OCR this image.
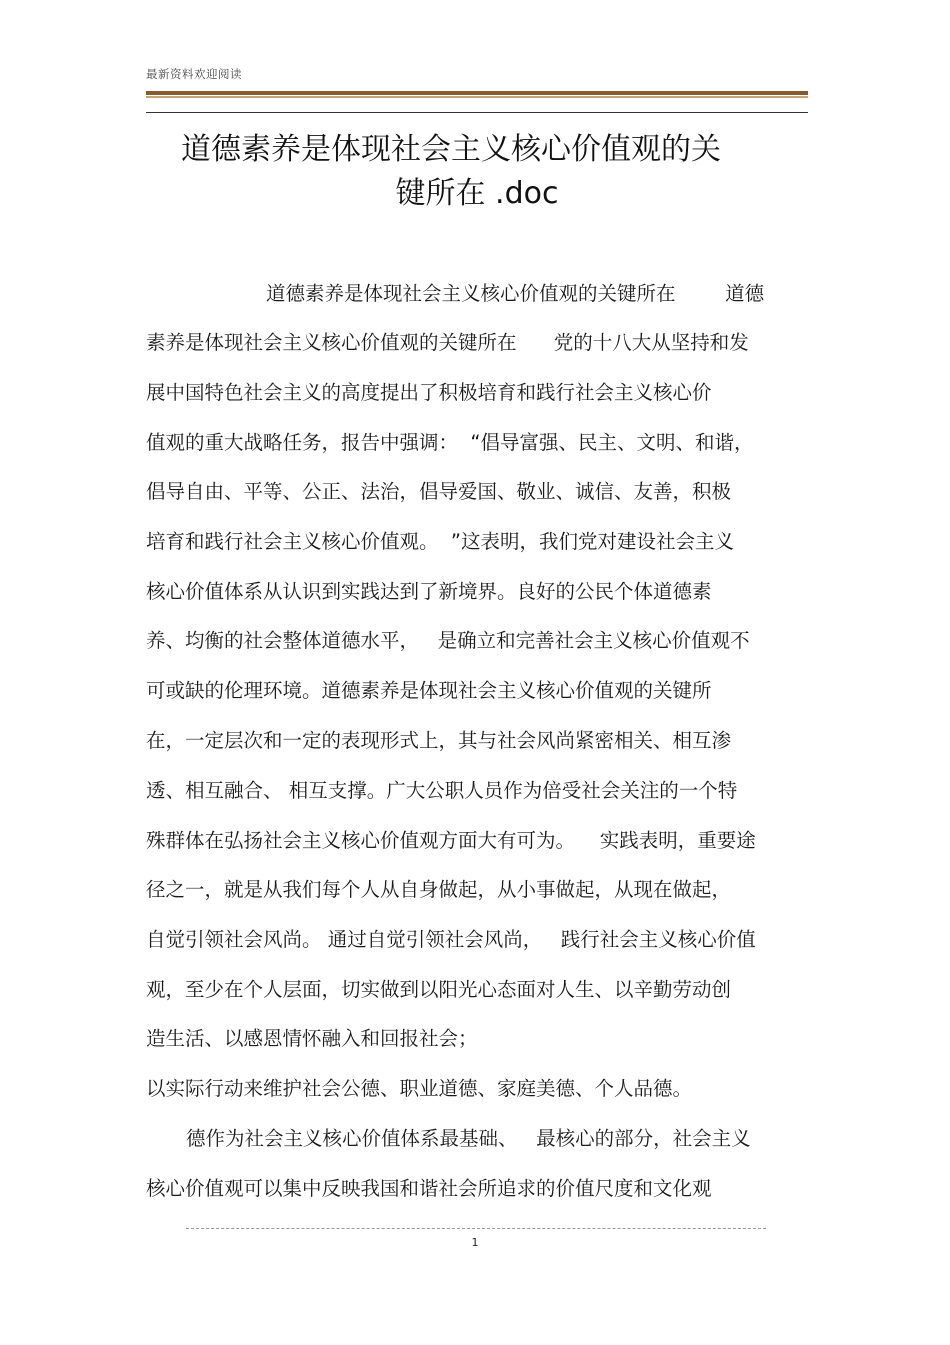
最新资料欢迎阅读
道德素养是体现社会主义核心价值观的关
键所在 .doc
道德素养是体现社会主义核心价值观的关键所在        道德
素养是体现社会主义核心价值观的关键所在      党的十八大从坚持和发
展中国特色社会主义的高度提出了积极培育和践行社会主义核心价
值观的重大战略任务，报告中强调：  “倡导富强、民主、文明、和谐，
倡导自由、平等、公正、法治，倡导爱国、敬业、诚信、友善，积极
培育和践行社会主义核心价值观。  ”这表明，我们党对建设社会主义
核心价值体系从认识到实践达到了新境界。良好的公民个体道德素
养、均衡的社会整体道德水平，   是确立和完善社会主义核心价值观不
可或缺的伦理环境。道德素养是体现社会主义核心价值观的关键所
在，一定层次和一定的表现形式上，其与社会风尚紧密相关、相互渗
透、相互融合、 相互支撑。广大公职人员作为倍受社会关注的一个特
殊群体在弘扬社会主义核心价值观方面大有可为。    实践表明，重要途
径之一，就是从我们每个人从自身做起，从小事做起，从现在做起，
自觉引领社会风尚。 通过自觉引领社会风尚，   践行社会主义核心价值
观，至少在个人层面，切实做到以阳光心态面对人生、以辛勤劳动创
造生活、以感恩情怀融入和回报社会；
以实际行动来维护社会公德、职业道德、家庭美德、个人品德。
德作为社会主义核心价值体系最基础、   最核心的部分，社会主义
核心价值观可以集中反映我国和谐社会所追求的价值尺度和文化观
1
